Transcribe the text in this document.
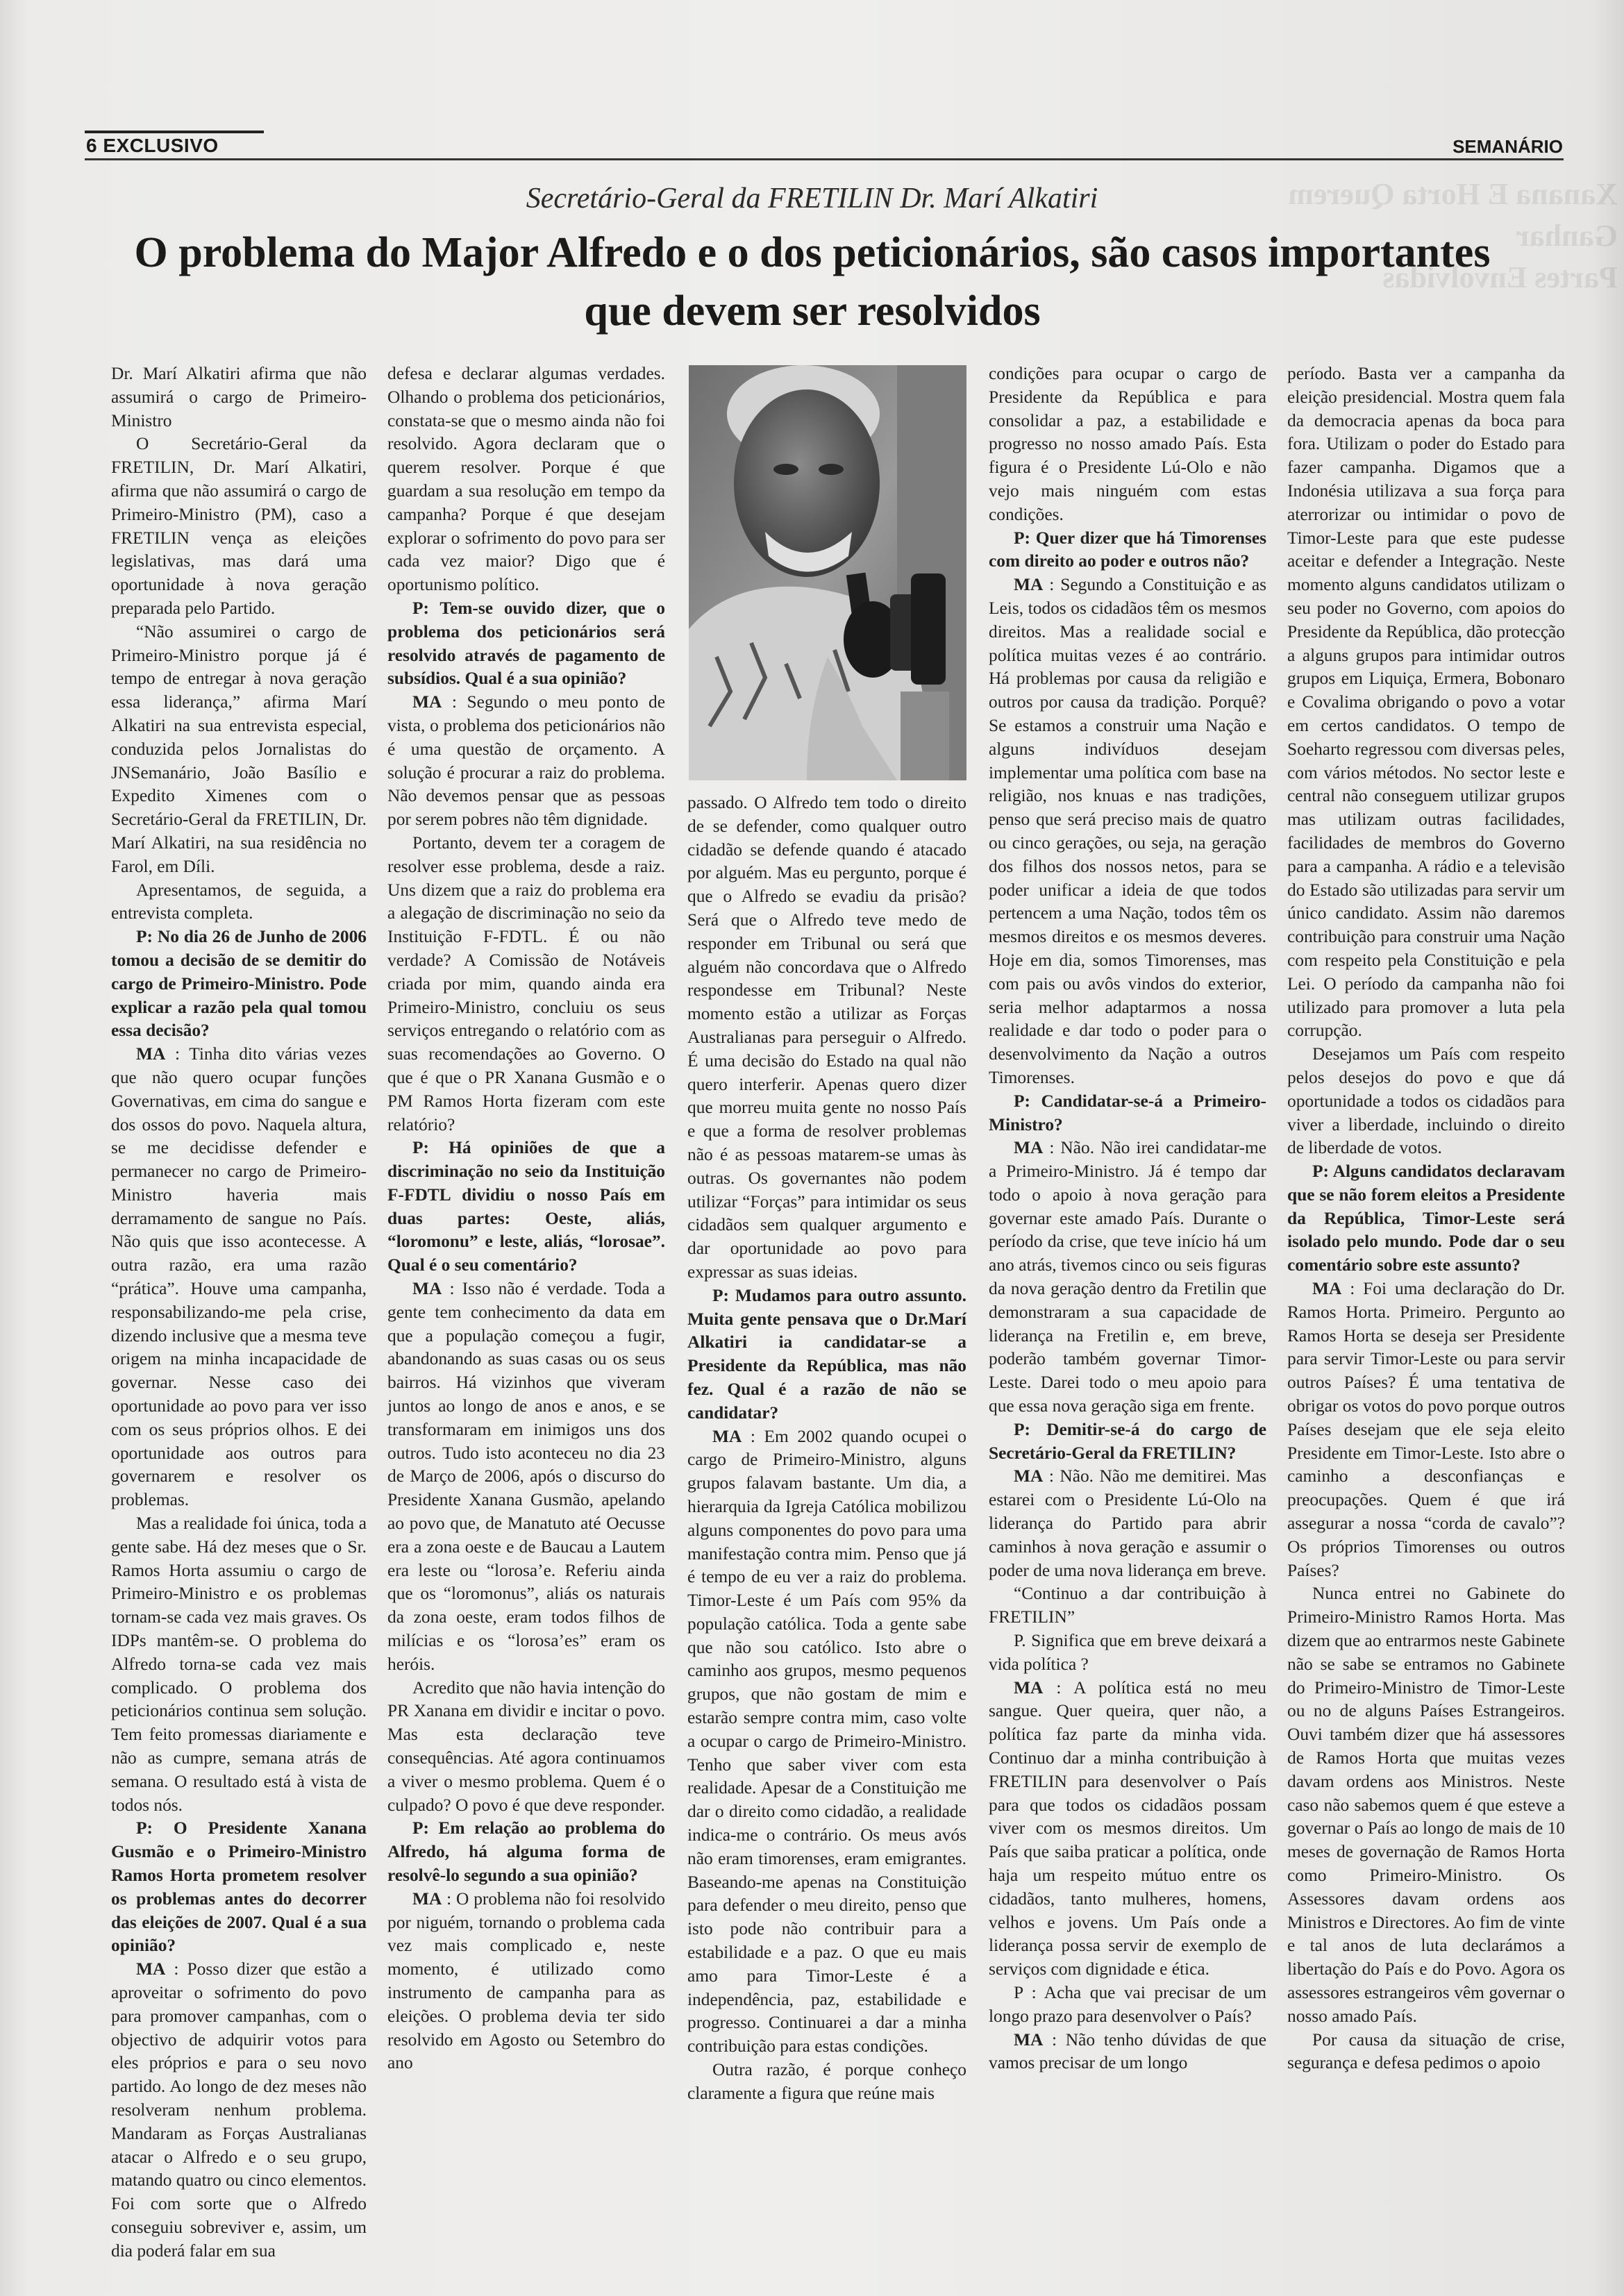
Xanana E Horta Querem Ganhar
Partes Envolvidas
6 EXCLUSIVO	SEMANÁRIO
Secretário-Geral da FRETILIN Dr. Marí Alkatiri
O problema do Major Alfredo e o dos peticionários, são casos importantes que devem ser resolvidos

Dr. Marí Alkatiri afirma que não assumirá o cargo de Primeiro-Ministro

O Secretário-Geral da FRETILIN, Dr. Marí Alkatiri, afirma que não assumirá o cargo de Primeiro-Ministro (PM), caso a FRETILIN vença as eleições legislativas, mas dará uma oportunidade à nova geração preparada pelo Partido.

“Não assumirei o cargo de Primeiro-Ministro porque já é tempo de entregar à nova geração essa liderança,” afirma Marí Alkatiri na sua entrevista especial, conduzida pelos Jornalistas do JNSemanário, João Basílio e Expedito Ximenes com o Secretário-Geral da FRETILIN, Dr. Marí Alkatiri, na sua residência no Farol, em Díli.

Apresentamos, de seguida, a entrevista completa.

P: No dia 26 de Junho de 2006 tomou a decisão de se demitir do cargo de Primeiro-Ministro. Pode explicar a razão pela qual tomou essa decisão?

MA : Tinha dito várias vezes que não quero ocupar funções Governativas, em cima do sangue e dos ossos do povo. Naquela altura, se me decidisse defender e permanecer no cargo de Primeiro-Ministro haveria mais derramamento de sangue no País. Não quis que isso acontecesse. A outra razão, era uma razão “prática”. Houve uma campanha, responsabilizando-me pela crise, dizendo inclusive que a mesma teve origem na minha incapacidade de governar. Nesse caso dei oportunidade ao povo para ver isso com os seus próprios olhos. E dei oportunidade aos outros para governarem e resolver os problemas.

Mas a realidade foi única, toda a gente sabe. Há dez meses que o Sr. Ramos Horta assumiu o cargo de Primeiro-Ministro e os problemas tornam-se cada vez mais graves. Os IDPs mantêm-se. O problema do Alfredo torna-se cada vez mais complicado. O problema dos peticionários continua sem solução. Tem feito promessas diariamente e não as cumpre, semana atrás de semana. O resultado está à vista de todos nós.

P: O Presidente Xanana Gusmão e o Primeiro-Ministro Ramos Horta prometem resolver os problemas antes do decorrer das eleições de 2007. Qual é a sua opinião?

MA : Posso dizer que estão a aproveitar o sofrimento do povo para promover campanhas, com o objectivo de adquirir votos para eles próprios e para o seu novo partido. Ao longo de dez meses não resolveram nenhum problema. Mandaram as Forças Australianas atacar o Alfredo e o seu grupo, matando quatro ou cinco elementos. Foi com sorte que o Alfredo conseguiu sobreviver e, assim, um dia poderá falar em sua

defesa e declarar algumas verdades. Olhando o problema dos peticionários, constata-se que o mesmo ainda não foi resolvido. Agora declaram que o querem resolver. Porque é que guardam a sua resolução em tempo da campanha? Porque é que desejam explorar o sofrimento do povo para ser cada vez maior? Digo que é oportunismo político.

P: Tem-se ouvido dizer, que o problema dos peticionários será resolvido através de pagamento de subsídios. Qual é a sua opinião?

MA : Segundo o meu ponto de vista, o problema dos peticionários não é uma questão de orçamento. A solução é procurar a raiz do problema. Não devemos pensar que as pessoas por serem pobres não têm dignidade.

Portanto, devem ter a coragem de resolver esse problema, desde a raiz. Uns dizem que a raiz do problema era a alegação de discriminação no seio da Instituição F-FDTL. É ou não verdade? A Comissão de Notáveis criada por mim, quando ainda era Primeiro-Ministro, concluiu os seus serviços entregando o relatório com as suas recomendações ao Governo. O que é que o PR Xanana Gusmão e o PM Ramos Horta fizeram com este relatório?

P: Há opiniões de que a discriminação no seio da Instituição F-FDTL dividiu o nosso País em duas partes: Oeste, aliás, “loromonu” e leste, aliás, “lorosae”. Qual é o seu comentário?

MA : Isso não é verdade. Toda a gente tem conhecimento da data em que a população começou a fugir, abandonando as suas casas ou os seus bairros. Há vizinhos que viveram juntos ao longo de anos e anos, e se transformaram em inimigos uns dos outros. Tudo isto aconteceu no dia 23 de Março de 2006, após o discurso do Presidente Xanana Gusmão, apelando ao povo que, de Manatuto até Oecusse era a zona oeste e de Baucau a Lautem era leste ou “lorosa’e. Referiu ainda que os “loromonus”, aliás os naturais da zona oeste, eram todos filhos de milícias e os “lorosa’es” eram os heróis.

Acredito que não havia intenção do PR Xanana em dividir e incitar o povo. Mas esta declaração teve consequências. Até agora continuamos a viver o mesmo problema. Quem é o culpado? O povo é que deve responder.

P: Em relação ao problema do Alfredo, há alguma forma de resolvê-lo segundo a sua opinião?

MA : O problema não foi resolvido por niguém, tornando o problema cada vez mais complicado e, neste momento, é utilizado como instrumento de campanha para as eleições. O problema devia ter sido resolvido em Agosto ou Setembro do ano

passado. O Alfredo tem todo o direito de se defender, como qualquer outro cidadão se defende quando é atacado por alguém. Mas eu pergunto, porque é que o Alfredo se evadiu da prisão? Será que o Alfredo teve medo de responder em Tribunal ou será que alguém não concordava que o Alfredo respondesse em Tribunal? Neste momento estão a utilizar as Forças Australianas para perseguir o Alfredo. É uma decisão do Estado na qual não quero interferir. Apenas quero dizer que morreu muita gente no nosso País e que a forma de resolver problemas não é as pessoas matarem-se umas às outras. Os governantes não podem utilizar “Forças” para intimidar os seus cidadãos sem qualquer argumento e dar oportunidade ao povo para expressar as suas ideias.

P: Mudamos para outro assunto. Muita gente pensava que o Dr.Marí Alkatiri ia candidatar-se a Presidente da República, mas não fez. Qual é a razão de não se candidatar?

MA : Em 2002 quando ocupei o cargo de Primeiro-Ministro, alguns grupos falavam bastante. Um dia, a hierarquia da Igreja Católica mobilizou alguns componentes do povo para uma manifestação contra mim. Penso que já é tempo de eu ver a raiz do problema. Timor-Leste é um País com 95% da população católica. Toda a gente sabe que não sou católico. Isto abre o caminho aos grupos, mesmo pequenos grupos, que não gostam de mim e estarão sempre contra mim, caso volte a ocupar o cargo de Primeiro-Ministro. Tenho que saber viver com esta realidade. Apesar de a Constituição me dar o direito como cidadão, a realidade indica-me o contrário. Os meus avós não eram timorenses, eram emigrantes. Baseando-me apenas na Constituição para defender o meu direito, penso que isto pode não contribuir para a estabilidade e a paz. O que eu mais amo para Timor-Leste é a independência, paz, estabilidade e progresso. Continuarei a dar a minha contribuição para estas condições.

Outra razão, é porque conheço claramente a figura que reúne mais

condições para ocupar o cargo de Presidente da República e para consolidar a paz, a estabilidade e progresso no nosso amado País. Esta figura é o Presidente Lú-Olo e não vejo mais ninguém com estas condições.

P: Quer dizer que há Timorenses com direito ao poder e outros não?

MA : Segundo a Constituição e as Leis, todos os cidadãos têm os mesmos direitos. Mas a realidade social e política muitas vezes é ao contrário. Há problemas por causa da religião e outros por causa da tradição. Porquê? Se estamos a construir uma Nação e alguns indivíduos desejam implementar uma política com base na religião, nos knuas e nas tradições, penso que será preciso mais de quatro ou cinco gerações, ou seja, na geração dos filhos dos nossos netos, para se poder unificar a ideia de que todos pertencem a uma Nação, todos têm os mesmos direitos e os mesmos deveres. Hoje em dia, somos Timorenses, mas com pais ou avôs vindos do exterior, seria melhor adaptarmos a nossa realidade e dar todo o poder para o desenvolvimento da Nação a outros Timorenses.

P: Candidatar-se-á a Primeiro-Ministro?

MA : Não. Não irei candidatar-me a Primeiro-Ministro. Já é tempo dar todo o apoio à nova geração para governar este amado País. Durante o período da crise, que teve início há um ano atrás, tivemos cinco ou seis figuras da nova geração dentro da Fretilin que demonstraram a sua capacidade de liderança na Fretilin e, em breve, poderão também governar Timor-Leste. Darei todo o meu apoio para que essa nova geração siga em frente.

P: Demitir-se-á do cargo de Secretário-Geral da FRETILIN?

MA : Não. Não me demitirei. Mas estarei com o Presidente Lú-Olo na liderança do Partido para abrir caminhos à nova geração e assumir o poder de uma nova liderança em breve.

“Continuo a dar contribuição à FRETILIN”

P. Significa que em breve deixará a vida política ?

MA : A política está no meu sangue. Quer queira, quer não, a política faz parte da minha vida. Continuo dar a minha contribuição à FRETILIN para desenvolver o País para que todos os cidadãos possam viver com os mesmos direitos. Um País que saiba praticar a política, onde haja um respeito mútuo entre os cidadãos, tanto mulheres, homens, velhos e jovens. Um País onde a liderança possa servir de exemplo de serviços com dignidade e ética.

P : Acha que vai precisar de um longo prazo para desenvolver o País?

MA : Não tenho dúvidas de que vamos precisar de um longo

período. Basta ver a campanha da eleição presidencial. Mostra quem fala da democracia apenas da boca para fora. Utilizam o poder do Estado para fazer campanha. Digamos que a Indonésia utilizava a sua força para aterrorizar ou intimidar o povo de Timor-Leste para que este pudesse aceitar e defender a Integração. Neste momento alguns candidatos utilizam o seu poder no Governo, com apoios do Presidente da República, dão protecção a alguns grupos para intimidar outros grupos em Liquiça, Ermera, Bobonaro e Covalima obrigando o povo a votar em certos candidatos. O tempo de Soeharto regressou com diversas peles, com vários métodos. No sector leste e central não conseguem utilizar grupos mas utilizam outras facilidades, facilidades de membros do Governo para a campanha. A rádio e a televisão do Estado são utilizadas para servir um único candidato. Assim não daremos contribuição para construir uma Nação com respeito pela Constituição e pela Lei. O período da campanha não foi utilizado para promover a luta pela corrupção.

Desejamos um País com respeito pelos desejos do povo e que dá oportunidade a todos os cidadãos para viver a liberdade, incluindo o direito de liberdade de votos.

P: Alguns candidatos declaravam que se não forem eleitos a Presidente da República, Timor-Leste será isolado pelo mundo. Pode dar o seu comentário sobre este assunto?

MA : Foi uma declaração do Dr. Ramos Horta. Primeiro. Pergunto ao Ramos Horta se deseja ser Presidente para servir Timor-Leste ou para servir outros Países? É uma tentativa de obrigar os votos do povo porque outros Países desejam que ele seja eleito Presidente em Timor-Leste. Isto abre o caminho a desconfianças e preocupações. Quem é que irá assegurar a nossa “corda de cavalo”? Os próprios Timorenses ou outros Países?

Nunca entrei no Gabinete do Primeiro-Ministro Ramos Horta. Mas dizem que ao entrarmos neste Gabinete não se sabe se entramos no Gabinete do Primeiro-Ministro de Timor-Leste ou no de alguns Países Estrangeiros. Ouvi também dizer que há assessores de Ramos Horta que muitas vezes davam ordens aos Ministros. Neste caso não sabemos quem é que esteve a governar o País ao longo de mais de 10 meses de governação de Ramos Horta como Primeiro-Ministro. Os Assessores davam ordens aos Ministros e Directores. Ao fim de vinte e tal anos de luta declarámos a libertação do País e do Povo. Agora os assessores estrangeiros vêm governar o nosso amado País.

Por causa da situação de crise, segurança e defesa pedimos o apoio
